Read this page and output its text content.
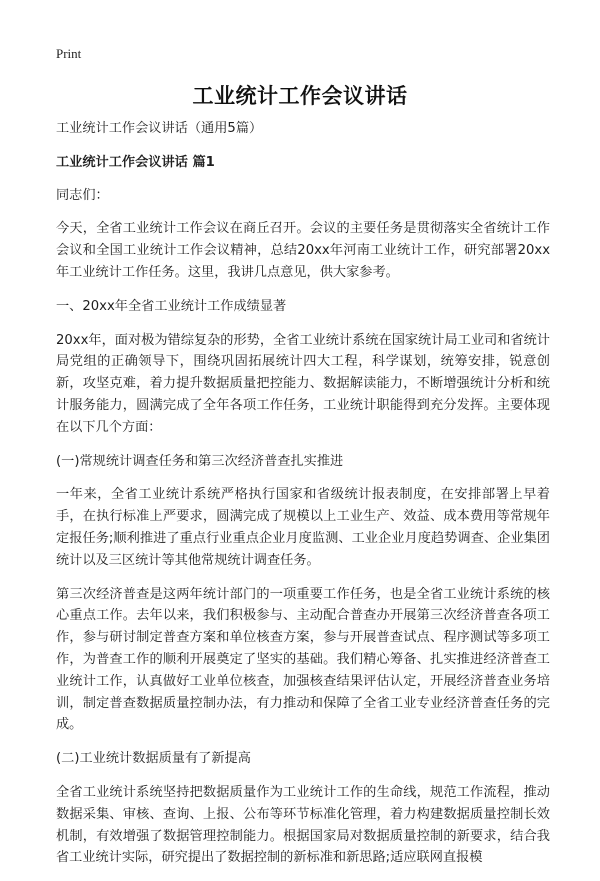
Print
工业统计工作会议讲话

工业统计工作会议讲话（通用5篇）

工业统计工作会议讲话 篇1

同志们：

今天，全省工业统计工作会议在商丘召开。会议的主要任务是贯彻落实全省统计工作会议和全国工业统计工作会议精神，总结20xx年河南工业统计工作，研究部署20xx年工业统计工作任务。这里，我讲几点意见，供大家参考。

一、20xx年全省工业统计工作成绩显著

20xx年，面对极为错综复杂的形势，全省工业统计系统在国家统计局工业司和省统计局党组的正确领导下，围绕巩固拓展统计四大工程，科学谋划，统筹安排，锐意创新，攻坚克难，着力提升数据质量把控能力、数据解读能力，不断增强统计分析和统计服务能力，圆满完成了全年各项工作任务，工业统计职能得到充分发挥。主要体现在以下几个方面：

(一)常规统计调查任务和第三次经济普查扎实推进

一年来，全省工业统计系统严格执行国家和省级统计报表制度，在安排部署上早着手，在执行标准上严要求，圆满完成了规模以上工业生产、效益、成本费用等常规年定报任务;顺利推进了重点行业重点企业月度监测、工业企业月度趋势调查、企业集团统计以及三区统计等其他常规统计调查任务。

第三次经济普查是这两年统计部门的一项重要工作任务，也是全省工业统计系统的核心重点工作。去年以来，我们积极参与、主动配合普查办开展第三次经济普查各项工作，参与研讨制定普查方案和单位核查方案，参与开展普查试点、程序测试等多项工作，为普查工作的顺利开展奠定了坚实的基础。我们精心筹备、扎实推进经济普查工业统计工作，认真做好工业单位核查，加强核查结果评估认定，开展经济普查业务培训，制定普查数据质量控制办法，有力推动和保障了全省工业专业经济普查任务的完成。

(二)工业统计数据质量有了新提高

全省工业统计系统坚持把数据质量作为工业统计工作的生命线，规范工作流程，推动数据采集、审核、查询、上报、公布等环节标准化管理，着力构建数据质量控制长效机制，有效增强了数据管理控制能力。根据国家局对数据质量控制的新要求，结合我省工业统计实际，研究提出了数据控制的新标准和新思路;适应联网直报模
